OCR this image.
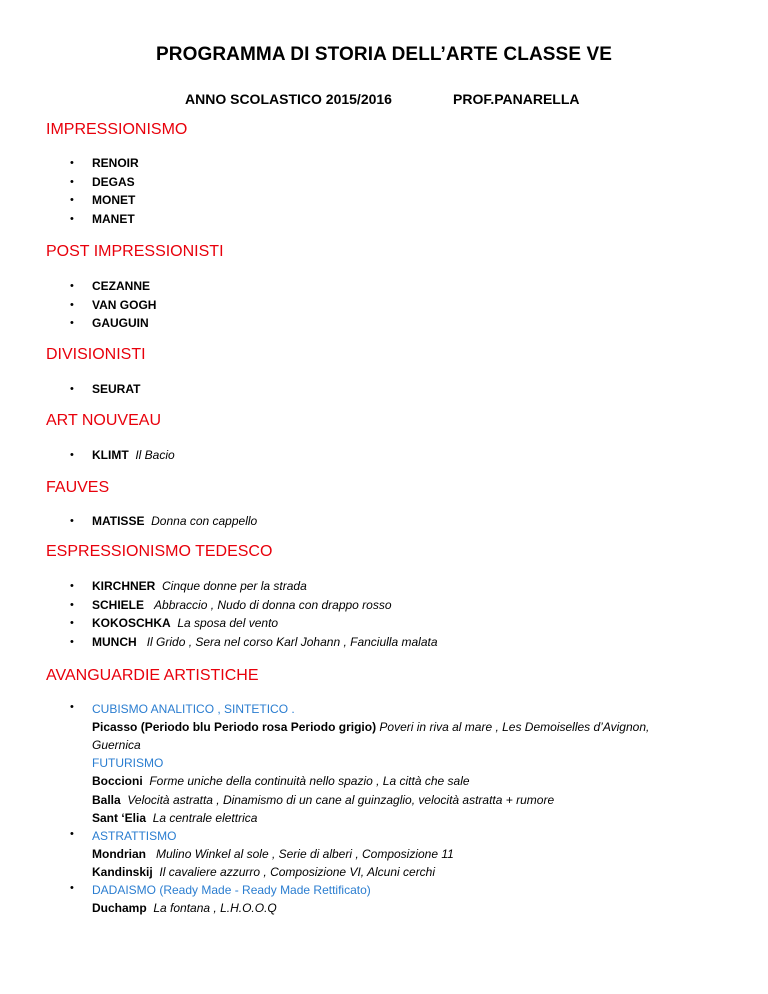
PROGRAMMA DI STORIA DELL’ARTE CLASSE VE
ANNO SCOLASTICO 2015/2016	PROF.PANARELLA
IMPRESSIONISMO
• RENOIR
• DEGAS
• MONET
• MANET
POST IMPRESSIONISTI
• CEZANNE
• VAN GOGH
• GAUGUIN
DIVISIONISTI
• SEURAT
ART NOUVEAU
• KLIMT Il Bacio
FAUVES
• MATISSE Donna con cappello
ESPRESSIONISMO TEDESCO
• KIRCHNER Cinque donne per la strada
• SCHIELE Abbraccio , Nudo di donna con drappo rosso
• KOKOSCHKA La sposa del vento
• MUNCH Il Grido , Sera nel corso Karl Johann , Fanciulla malata
AVANGUARDIE ARTISTICHE
• CUBISMO ANALITICO , SINTETICO .
Picasso (Periodo blu Periodo rosa Periodo grigio) Poveri in riva al mare , Les Demoiselles d’Avignon,
Guernica
FUTURISMO
Boccioni Forme uniche della continuità nello spazio , La città che sale
Balla Velocità astratta , Dinamismo di un cane al guinzaglio, velocità astratta + rumore
Sant ‘Elia La centrale elettrica
• ASTRATTISMO
Mondrian Mulino Winkel al sole , Serie di alberi , Composizione 11
Kandinskij Il cavaliere azzurro , Composizione VI, Alcuni cerchi
• DADAISMO (Ready Made - Ready Made Rettificato)
Duchamp La fontana , L.H.O.O.Q
